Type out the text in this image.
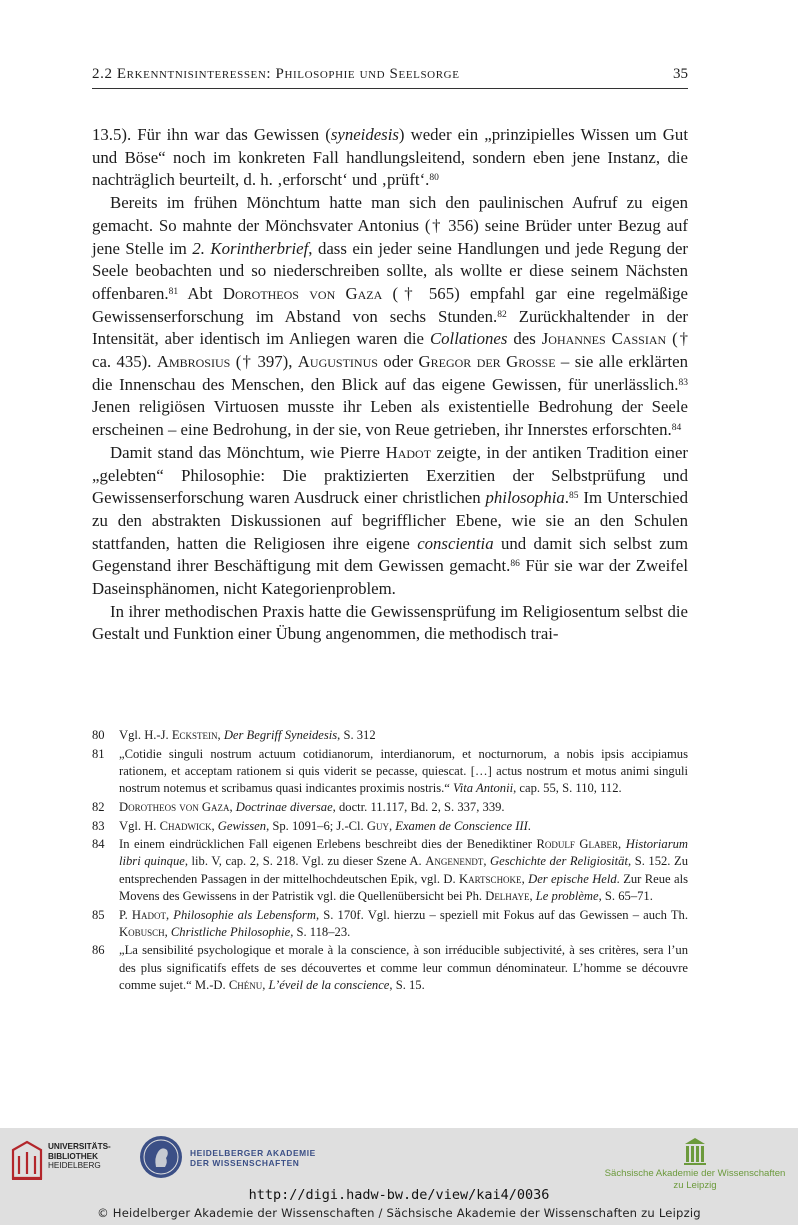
2.2 Erkenntnisinteressen: Philosophie und Seelsorge	35

13.5). Für ihn war das Gewissen (syneidesis) weder ein „prinzipielles Wissen um Gut und Böse“ noch im konkreten Fall handlungsleitend, sondern eben jene Instanz, die nachträglich beurteilt, d. h. ‚erforscht‘ und ‚prüft‘.$^{80}$

Bereits im frühen Mönchtum hatte man sich den paulinischen Aufruf zu eigen gemacht. So mahnte der Mönchsvater Antonius († 356) seine Brüder unter Bezug auf jene Stelle im 2. Korintherbrief, dass ein jeder seine Handlungen und jede Regung der Seele beobachten und so niederschreiben sollte, als wollte er diese seinem Nächsten offenbaren.$^{81}$ Abt Dorotheos von Gaza († 565) empfahl gar eine regelmäßige Gewissenserforschung im Abstand von sechs Stunden.$^{82}$ Zurückhaltender in der Intensität, aber identisch im Anliegen waren die Collationes des Johannes Cassian († ca. 435). Ambrosius († 397), Augustinus oder Gregor der Grosse – sie alle erklärten die Innenschau des Menschen, den Blick auf das eigene Gewissen, für unerlässlich.$^{83}$ Jenen religiösen Virtuosen musste ihr Leben als existentielle Bedrohung der Seele erscheinen – eine Bedrohung, in der sie, von Reue getrieben, ihr Innerstes erforschten.$^{84}$

Damit stand das Mönchtum, wie Pierre Hadot zeigte, in der antiken Tradition einer „gelebten“ Philosophie: Die praktizierten Exerzitien der Selbstprüfung und Gewissenserforschung waren Ausdruck einer christlichen philosophia.$^{85}$ Im Unterschied zu den abstrakten Diskussionen auf begrifflicher Ebene, wie sie an den Schulen stattfanden, hatten die Religiosen ihre eigene conscientia und damit sich selbst zum Gegenstand ihrer Beschäftigung mit dem Gewissen gemacht.$^{86}$ Für sie war der Zweifel Daseinsphänomen, nicht Kategorienproblem.

In ihrer methodischen Praxis hatte die Gewissensprüfung im Religiosentum selbst die Gestalt und Funktion einer Übung angenommen, die methodisch trai-

80	Vgl. H.-J. Eckstein, Der Begriff Syneidesis, S. 312
81	„Cotidie singuli nostrum actuum cotidianorum, interdianorum, et nocturnorum, a nobis ipsis accipiamus rationem, et acceptam rationem si quis viderit se pecasse, quiescat. […] actus nostrum et motus animi singuli nostrum notemus et scribamus quasi indicantes proximis nostris.“ Vita Antonii, cap. 55, S. 110, 112.
82	Dorotheos von Gaza, Doctrinae diversae, doctr. 11.117, Bd. 2, S. 337, 339.
83	Vgl. H. Chadwick, Gewissen, Sp. 1091–6; J.-Cl. Guy, Examen de Conscience III.
84	In einem eindrücklichen Fall eigenen Erlebens beschreibt dies der Benediktiner Rodulf Glaber, Historiarum libri quinque, lib. V, cap. 2, S. 218. Vgl. zu dieser Szene A. Angenendt, Geschichte der Religiosität, S. 152. Zu entsprechenden Passagen in der mittelhochdeutschen Epik, vgl. D. Kartschoke, Der epische Held. Zur Reue als Movens des Gewissens in der Patristik vgl. die Quellenübersicht bei Ph. Delhaye, Le problème, S. 65–71.
85	P. Hadot, Philosophie als Lebensform, S. 170f. Vgl. hierzu – speziell mit Fokus auf das Gewissen – auch Th. Kobusch, Christliche Philosophie, S. 118–23.
86	„La sensibilité psychologique et morale à la conscience, à son irréducible subjectivité, à ses critères, sera l’un des plus significatifs effets de ses découvertes et comme leur commun dénominateur. L’homme se découvre comme sujet.“ M.-D. Chénu, L’éveil de la conscience, S. 15.
UNIVERSITÄTS-
BIBLIOTHEK
HEIDELBERG
HEIDELBERGER AKADEMIE
DER WISSENSCHAFTEN
Sächsische Akademie der Wissenschaften
zu Leipzig
http://digi.hadw-bw.de/view/kai4/0036
© Heidelberger Akademie der Wissenschaften / Sächsische Akademie der Wissenschaften zu Leipzig
